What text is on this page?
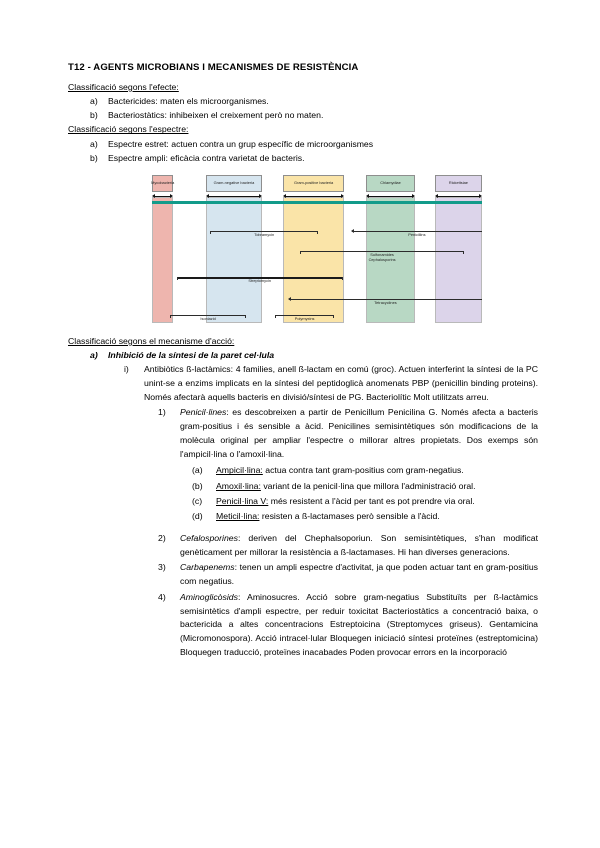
T12 - AGENTS MICROBIANS I MECANISMES DE RESISTÈNCIA
Classificació segons l'efecte:
a)	Bactericides: maten els microorganismes.
b)	Bacteriostàtics: inhibeixen el creixement però no maten.
Classificació segons l'espectre:
a)	Espectre estret: actuen contra un grup específic de microorganismes
b)	Espectre ampli: eficàcia contra varietat de bacteris.
Mycobacteria	Gram-negative bacteria	Gram-positive bacteria	Chlamydiae	Rickettsiae
Tobramycin	Penicillins
Sulfonamides
Cephalosporins
Streptomycin
Tetracyclines
Isoniazid	Polymyxins
Classificació segons el mecanisme d'acció:
a)	Inhibició de la síntesi de la paret cel·lula
i)	Antibiòtics ß-lactàmics: 4 families, anell ß-lactam en comú (groc). Actuen interferint la síntesi de la PC unint-se a enzims implicats en la síntesi del peptidoglicà anomenats PBP (penicillin binding proteins). Només afectarà aquells bacteris en divisió/síntesi de PG. Bacteriolític Molt utilitzats arreu.
1)	Penicil·lines: es descobreixen a partir de Penicillum Penicilina G. Només afecta a bacteris gram-positius i és sensible a àcid. Penicilines semisintètiques són modificacions de la molècula original per ampliar l'espectre o millorar altres propietats. Dos exemps són l'ampicil·lina o l'amoxil·lina.
(a)	Ampicil·lina: actua contra tant gram-positius com gram-negatius.
(b)	Amoxil·lina: variant de la penicil·lina que millora l'administració oral.
(c)	Penicil·lina V: més resistent a l'àcid per tant es pot prendre via oral.
(d)	Meticil·lina: resisten a ß-lactamases però sensible a l'àcid.
2)	Cefalosporines: deriven del Chephalsoporiun. Son semisintètiques, s'han modificat genèticament per millorar la resistència a ß-lactamases. Hi han diverses generacions.
3)	Carbapenems: tenen un ampli espectre d'activitat, ja que poden actuar tant en gram-positius com negatius.
4)	Aminoglicòsids: Aminosucres. Acció sobre gram-negatius Substituïts per ß-lactàmics semisintètics d'ampli espectre, per reduir toxicitat Bacteriostàtics a concentració baixa, o bactericida a altes concentracions Estreptoicina (Streptomyces griseus). Gentamicina (Micromonospora). Acció intracel·lular Bloquegen iniciació síntesi proteïnes (estreptomicina) Bloquegen traducció, proteïnes inacabades Poden provocar errors en la incorporació
